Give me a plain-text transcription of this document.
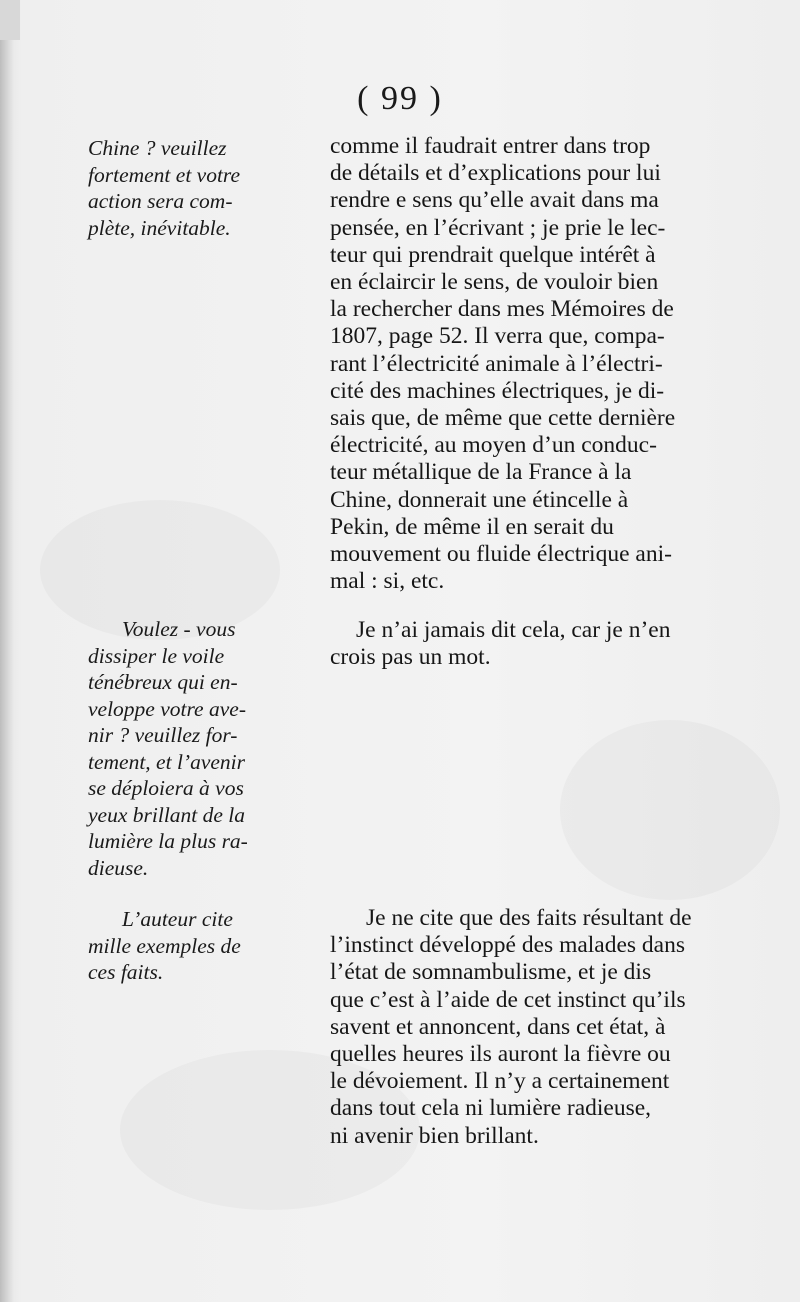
( 99 )
Chine ? veuillez
fortement et votre
action sera com-
plète, inévitable.
Voulez - vous
dissiper le voile
ténébreux qui en-
veloppe votre ave-
nir ? veuillez for-
tement, et l’avenir
se déploiera à vos
yeux brillant de la
lumière la plus ra-
dieuse.
L’auteur cite
mille exemples de
ces faits.
comme il faudrait entrer dans trop
de détails et d’explications pour lui
rendre e sens qu’elle avait dans ma
pensée, en l’écrivant ; je prie le lec-
teur qui prendrait quelque intérêt à
en éclaircir le sens, de vouloir bien
la rechercher dans mes Mémoires de
1807, page 52. Il verra que, compa-
rant l’électricité animale à l’électri-
cité des machines électriques, je di-
sais que, de même que cette dernière
électricité, au moyen d’un conduc-
teur métallique de la France à la
Chine, donnerait une étincelle à
Pekin, de même il en serait du
mouvement ou fluide électrique ani-
mal : si, etc.
Je n’ai jamais dit cela, car je n’en
crois pas un mot.
Je ne cite que des faits résultant de
l’instinct développé des malades dans
l’état de somnambulisme, et je dis
que c’est à l’aide de cet instinct qu’ils
savent et annoncent, dans cet état, à
quelles heures ils auront la fièvre ou
le dévoiement. Il n’y a certainement
dans tout cela ni lumière radieuse,
ni avenir bien brillant.
